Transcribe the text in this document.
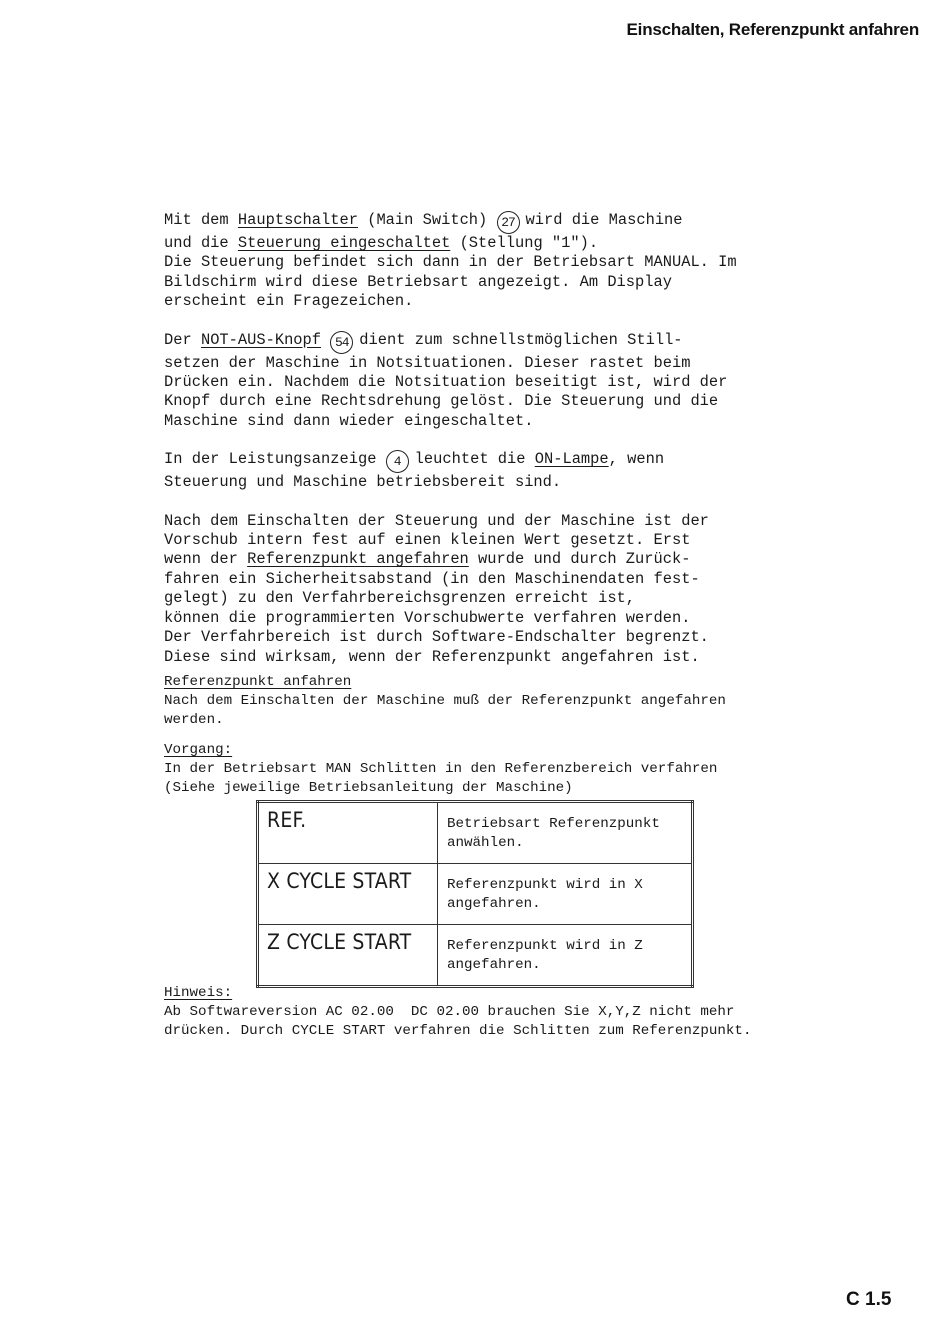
Einschalten, Referenzpunkt anfahren

Mit dem Hauptschalter (Main Switch) 27 wird die Maschine
und die Steuerung eingeschaltet (Stellung "1").
Die Steuerung befindet sich dann in der Betriebsart MANUAL. Im
Bildschirm wird diese Betriebsart angezeigt. Am Display
erscheint ein Fragezeichen.

Der NOT-AUS-Knopf 54 dient zum schnellstmöglichen Still-
setzen der Maschine in Notsituationen. Dieser rastet beim
Drücken ein. Nachdem die Notsituation beseitigt ist, wird der
Knopf durch eine Rechtsdrehung gelöst. Die Steuerung und die
Maschine sind dann wieder eingeschaltet.

In der Leistungsanzeige 4 leuchtet die ON-Lampe, wenn
Steuerung und Maschine betriebsbereit sind.

Nach dem Einschalten der Steuerung und der Maschine ist der
Vorschub intern fest auf einen kleinen Wert gesetzt. Erst
wenn der Referenzpunkt angefahren wurde und durch Zurück-
fahren ein Sicherheitsabstand (in den Maschinendaten fest-
gelegt) zu den Verfahrbereichsgrenzen erreicht ist,
können die programmierten Vorschubwerte verfahren werden.
Der Verfahrbereich ist durch Software-Endschalter begrenzt.
Diese sind wirksam, wenn der Referenzpunkt angefahren ist.

Referenzpunkt anfahren

Nach dem Einschalten der Maschine muß der Referenzpunkt angefahren
werden.

Vorgang:

In der Betriebsart MAN Schlitten in den Referenzbereich verfahren
(Siehe jeweilige Betriebsanleitung der Maschine)

REF.	Betriebsart Referenzpunkt
anwählen.
X CYCLE START	Referenzpunkt wird in X
angefahren.
Z CYCLE START	Referenzpunkt wird in Z
angefahren.

Hinweis:

Ab Softwareversion AC 02.00  DC 02.00 brauchen Sie X,Y,Z nicht mehr
drücken. Durch CYCLE START verfahren die Schlitten zum Referenzpunkt.

C 1.5
